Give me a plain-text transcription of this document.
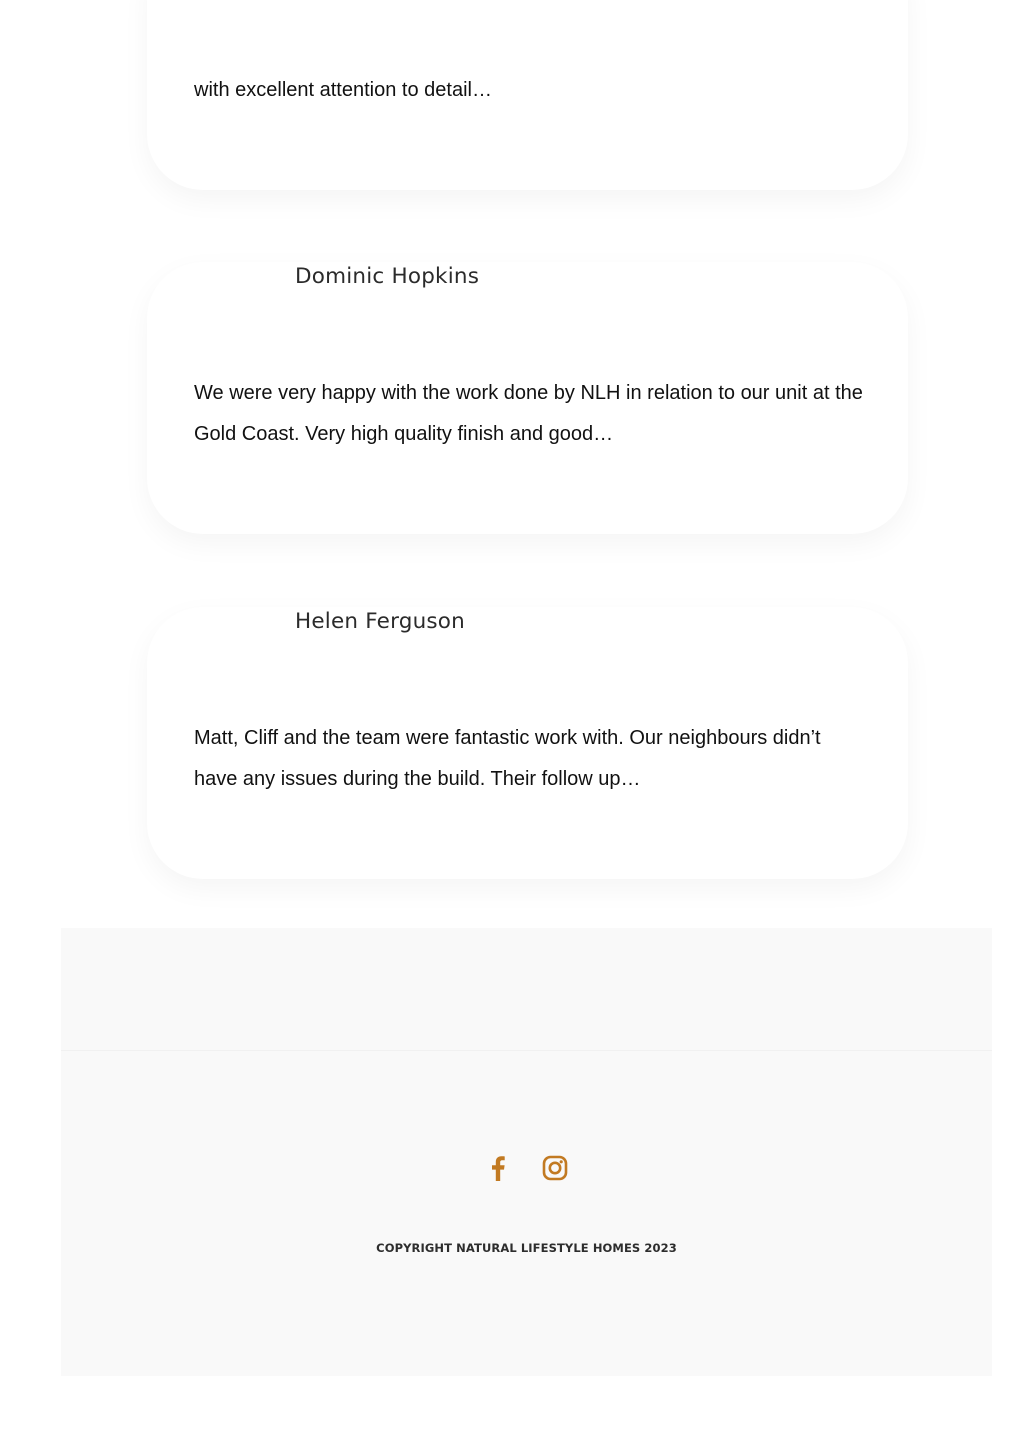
with excellent attention to detail…

Dominic Hopkins

We were very happy with the work done by NLH in relation to our unit at the Gold Coast. Very high quality finish and good…

Helen Ferguson

Matt, Cliff and the team were fantastic work with. Our neighbours didn’t have any issues during the build. Their follow up…

COPYRIGHT NATURAL LIFESTYLE HOMES 2023
